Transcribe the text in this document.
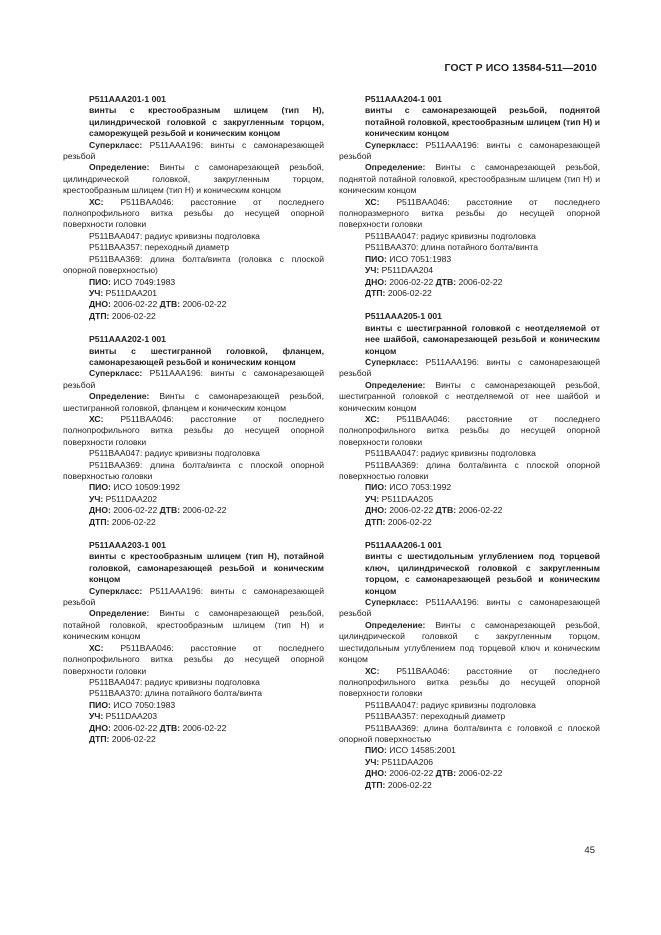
ГОСТ Р ИСО 13584-511—2010
P511AAA201-1 001
винты с крестообразным шлицем (тип H), цилиндрической головкой с закругленным торцом, саморежущей резьбой и коническим концом
Суперкласс: P511AAA196: винты с самонарезающей резьбой
Определение: Винты с самонарезающей резьбой, цилиндрической головкой, закругленным торцом, крестообразным шлицем (тип H) и коническим концом
ХС: P511BAA046: расстояние от последнего полнопрофильного витка резьбы до несущей опорной поверхности головки
P511BAA047: радиус кривизны подголовка
P511BAA357: переходный диаметр
P511BAA369: длина болта/винта (головка с плоской опорной поверхностью)
ПИО: ИСО 7049:1983
УЧ: P511DAA201
ДНО: 2006-02-22 ДТВ: 2006-02-22
ДТП: 2006-02-22
P511AAA202-1 001
винты с шестигранной головкой, фланцем, самонарезающей резьбой и коническим концом
Суперкласс: P511AAA196: винты с самонарезающей резьбой
Определение: Винты с самонарезающей резьбой, шестигранной головкой, фланцем и коническим концом
ХС: P511BAA046: расстояние от последнего полнопрофильного витка резьбы до несущей опорной поверхности головки
P511BAA047: радиус кривизны подголовка
P511BAA369: длина болта/винта с плоской опорной поверхностью головки
ПИО: ИСО 10509:1992
УЧ: P511DAA202
ДНО: 2006-02-22 ДТВ: 2006-02-22
ДТП: 2006-02-22
P511AAA203-1 001
винты с крестообразным шлицем (тип H), потайной головкой, самонарезающей резьбой и коническим концом
Суперкласс: P511AAA196: винты с самонарезающей резьбой
Определение: Винты с самонарезающей резьбой, потайной головкой, крестообразным шлицем (тип H) и коническим концом
ХС: P511BAA046: расстояние от последнего полнопрофильного витка резьбы до несущей опорной поверхности головки
P511BAA047: радиус кривизны подголовка
P511BAA370: длина потайного болта/винта
ПИО: ИСО 7050:1983
УЧ: P511DAA203
ДНО: 2006-02-22 ДТВ: 2006-02-22
ДТП: 2006-02-22
P511AAA204-1 001
винты с самонарезающей резьбой, поднятой потайной головкой, крестообразным шлицем (тип H) и коническим концом
Суперкласс: P511AAA196: винты с самонарезающей резьбой
Определение: Винты с самонарезающей резьбой, поднятой потайной головкой, крестообразным шлицем (тип H) и коническим концом
ХС: P511BAA046: расстояние от последнего полноразмерного витка резьбы до несущей опорной поверхности головки
P511BAA047: радиус кривизны подголовка
P511BAA370: длина потайного болта/винта
ПИО: ИСО 7051:1983
УЧ: P511DAA204
ДНО: 2006-02-22 ДТВ: 2006-02-22
ДТП: 2006-02-22
P511AAA205-1 001
винты с шестигранной головкой с неотделяемой от нее шайбой, самонарезающей резьбой и коническим концом
Суперкласс: P511AAA196: винты с самонарезающей резьбой
Определение: Винты с самонарезающей резьбой, шестигранной головкой с неотделяемой от нее шайбой и коническим концом
ХС: P511BAA046: расстояние от последнего полнопрофильного витка резьбы до несущей опорной поверхности головки
P511BAA047: радиус кривизны подголовка
P511BAA369: длина болта/винта с плоской опорной поверхностью головки
ПИО: ИСО 7053:1992
УЧ: P511DAA205
ДНО: 2006-02-22 ДТВ: 2006-02-22
ДТП: 2006-02-22
P511AAA206-1 001
винты с шестидольным углублением под торцевой ключ, цилиндрической головкой с закругленным торцом, с самонарезающей резьбой и коническим концом
Суперкласс: P511AAA196: винты с самонарезающей резьбой
Определение: Винты с самонарезающей резьбой, цилиндрической головкой с закругленным торцом, шестидольным углублением под торцевой ключ и коническим концом
ХС: P511BAA046: расстояние от последнего полнопрофильного витка резьбы до несущей опорной поверхности головки
P511BAA047: радиус кривизны подголовка
P511BAA357: переходный диаметр
P511BAA369: длина болта/винта с головкой с плоской опорной поверхностью
ПИО: ИСО 14585:2001
УЧ: P511DAA206
ДНО: 2006-02-22 ДТВ: 2006-02-22
ДТП: 2006-02-22
45
